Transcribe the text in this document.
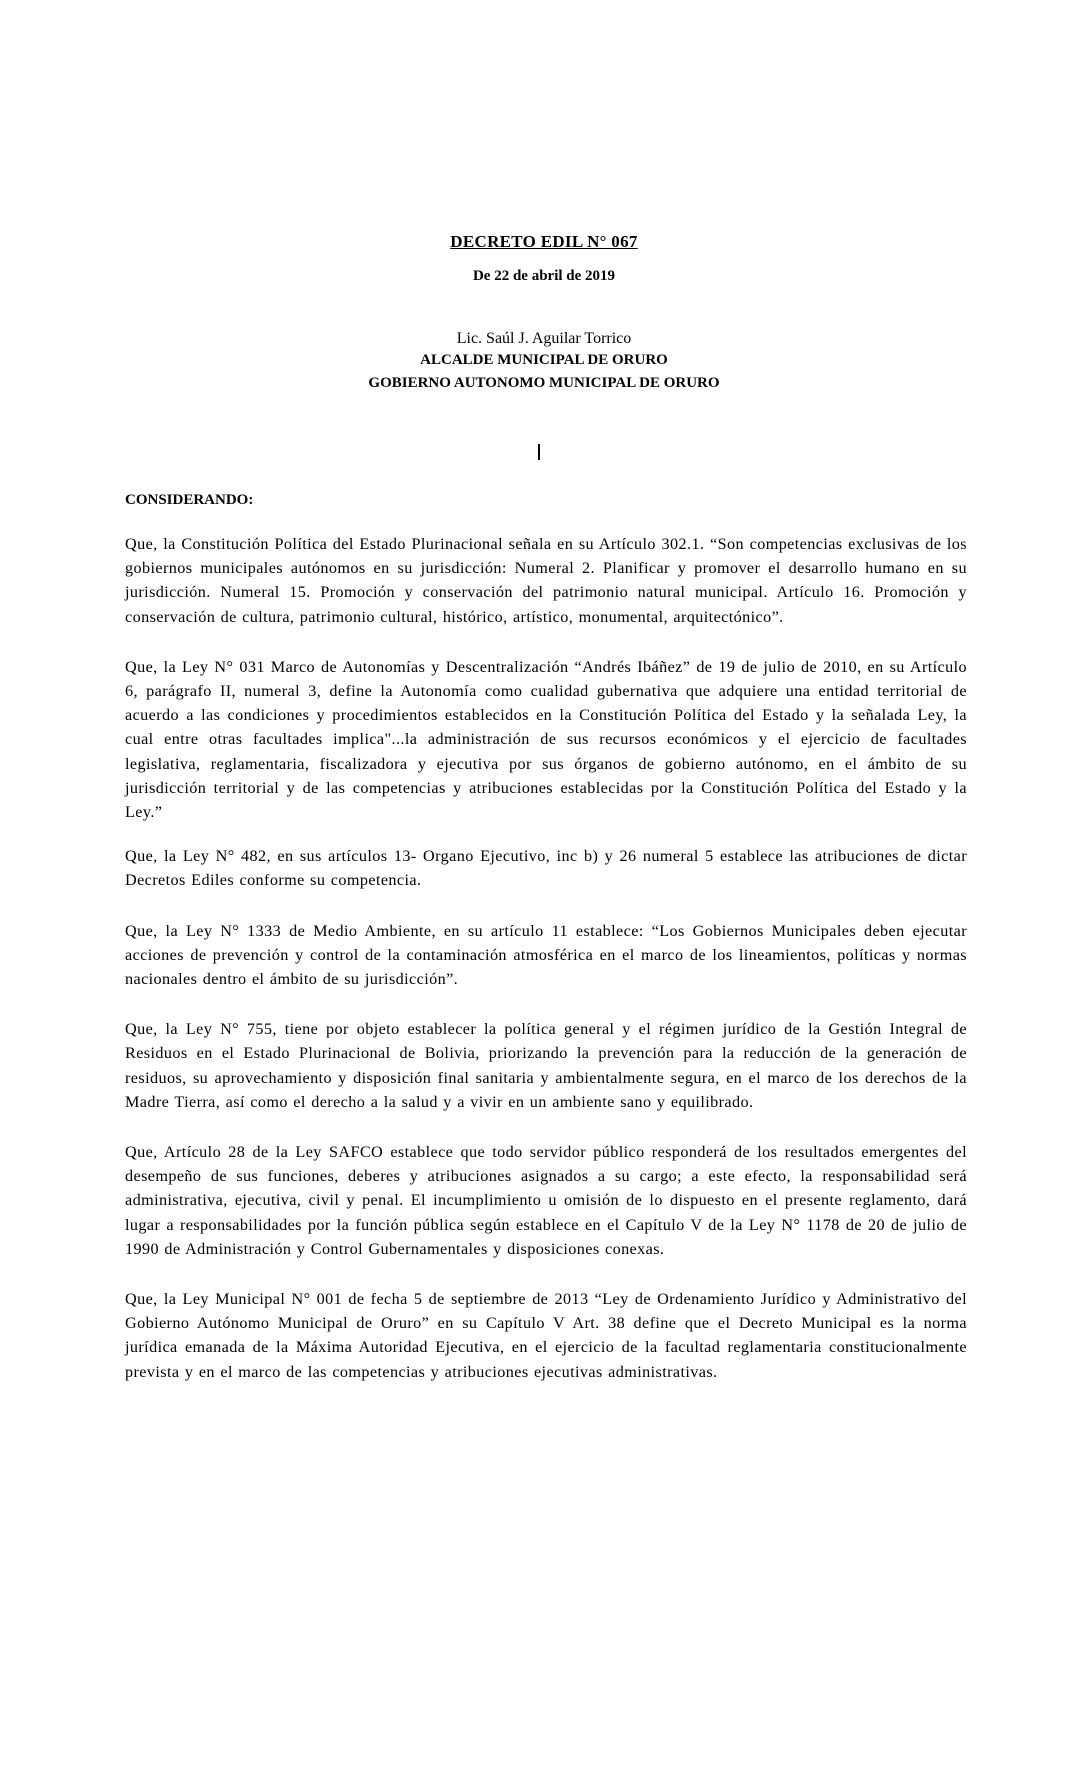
DECRETO EDIL N° 067
De 22 de abril de 2019
Lic. Saúl J. Aguilar Torrico
ALCALDE MUNICIPAL DE ORURO
GOBIERNO AUTONOMO MUNICIPAL DE ORURO
CONSIDERANDO:

Que, la Constitución Política del Estado Plurinacional señala en su Artículo 302.1. “Son competencias exclusivas de los gobiernos municipales autónomos en su jurisdicción: Numeral 2. Planificar y promover el desarrollo humano en su jurisdicción. Numeral 15. Promoción y conservación del patrimonio natural municipal. Artículo 16. Promoción y conservación de cultura, patrimonio cultural, histórico, artístico, monumental, arquitectónico”.

Que, la Ley N° 031 Marco de Autonomías y Descentralización “Andrés Ibáñez” de 19 de julio de 2010, en su Artículo 6, parágrafo II, numeral 3, define la Autonomía como cualidad gubernativa que adquiere una entidad territorial de acuerdo a las condiciones y procedimientos establecidos en la Constitución Política del Estado y la señalada Ley, la cual entre otras facultades implica"...la administración de sus recursos económicos y el ejercicio de facultades legislativa, reglamentaria, fiscalizadora y ejecutiva por sus órganos de gobierno autónomo, en el ámbito de su jurisdicción territorial y de las competencias y atribuciones establecidas por la Constitución Política del Estado y la Ley.”

Que, la Ley N° 482, en sus artículos 13- Organo Ejecutivo, inc b) y 26 numeral 5 establece las atribuciones de dictar Decretos Ediles conforme su competencia.

Que, la Ley N° 1333 de Medio Ambiente, en su artículo 11 establece: “Los Gobiernos Municipales deben ejecutar acciones de prevención y control de la contaminación atmosférica en el marco de los lineamientos, políticas y normas nacionales dentro el ámbito de su jurisdicción”.

Que, la Ley N° 755, tiene por objeto establecer la política general y el régimen jurídico de la Gestión Integral de Residuos en el Estado Plurinacional de Bolivia, priorizando la prevención para la reducción de la generación de residuos, su aprovechamiento y disposición final sanitaria y ambientalmente segura, en el marco de los derechos de la Madre Tierra, así como el derecho a la salud y a vivir en un ambiente sano y equilibrado.

Que, Artículo 28 de la Ley SAFCO establece que todo servidor público responderá de los resultados emergentes del desempeño de sus funciones, deberes y atribuciones asignados a su cargo; a este efecto, la responsabilidad será administrativa, ejecutiva, civil y penal. El incumplimiento u omisión de lo dispuesto en el presente reglamento, dará lugar a responsabilidades por la función pública según establece en el Capítulo V de la Ley N° 1178 de 20 de julio de 1990 de Administración y Control Gubernamentales y disposiciones conexas.

Que, la Ley Municipal N° 001 de fecha 5 de septiembre de 2013 “Ley de Ordenamiento Jurídico y Administrativo del Gobierno Autónomo Municipal de Oruro” en su Capítulo V Art. 38 define que el Decreto Municipal es la norma jurídica emanada de la Máxima Autoridad Ejecutiva, en el ejercicio de la facultad reglamentaria constitucionalmente prevista y en el marco de las competencias y atribuciones ejecutivas administrativas.
